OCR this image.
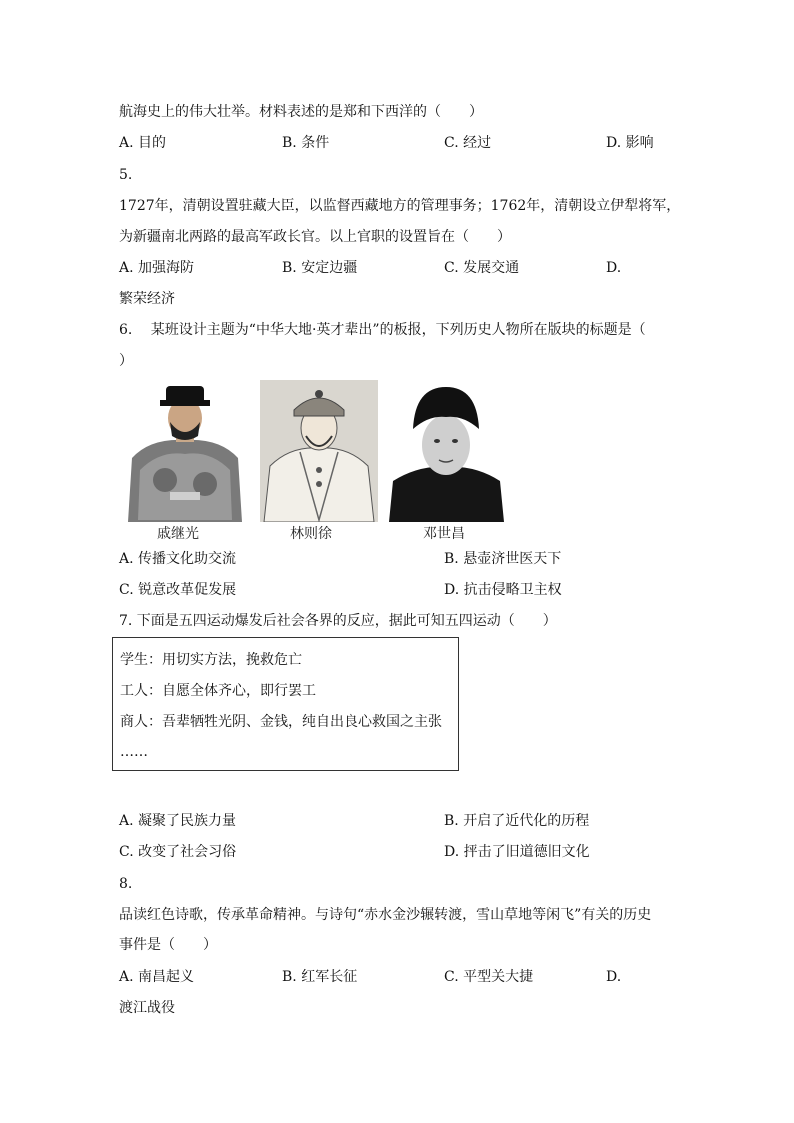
航海史上的伟大壮举。材料表述的是郑和下西洋的（　　）
A. 目的	B. 条件	C. 经过	D. 影响
5.
1727年，清朝设置驻藏大臣，以监督西藏地方的管理事务；1762年，清朝设立伊犁将军，
为新疆南北两路的最高军政长官。以上官职的设置旨在（　　）
A. 加强海防	B. 安定边疆	C. 发展交通	D.
繁荣经济
6.　 某班设计主题为“中华大地·英才辈出”的板报，下列历史人物所在版块的标题是（
）
戚继光	林则徐	邓世昌
A. 传播文化助交流	B. 悬壶济世医天下
C. 锐意改革促发展	D. 抗击侵略卫主权
7. 下面是五四运动爆发后社会各界的反应，据此可知五四运动（　　）
学生：用切实方法，挽救危亡
工人：自愿全体齐心，即行罢工
商人：吾辈牺牲光阴、金钱，纯自出良心救国之主张
……
A. 凝聚了民族力量	B. 开启了近代化的历程
C. 改变了社会习俗	D. 抨击了旧道德旧文化
8.
品读红色诗歌，传承革命精神。与诗句“赤水金沙辗转渡，雪山草地等闲飞”有关的历史
事件是（　　）
A. 南昌起义	B. 红军长征	C. 平型关大捷	D.
渡江战役
